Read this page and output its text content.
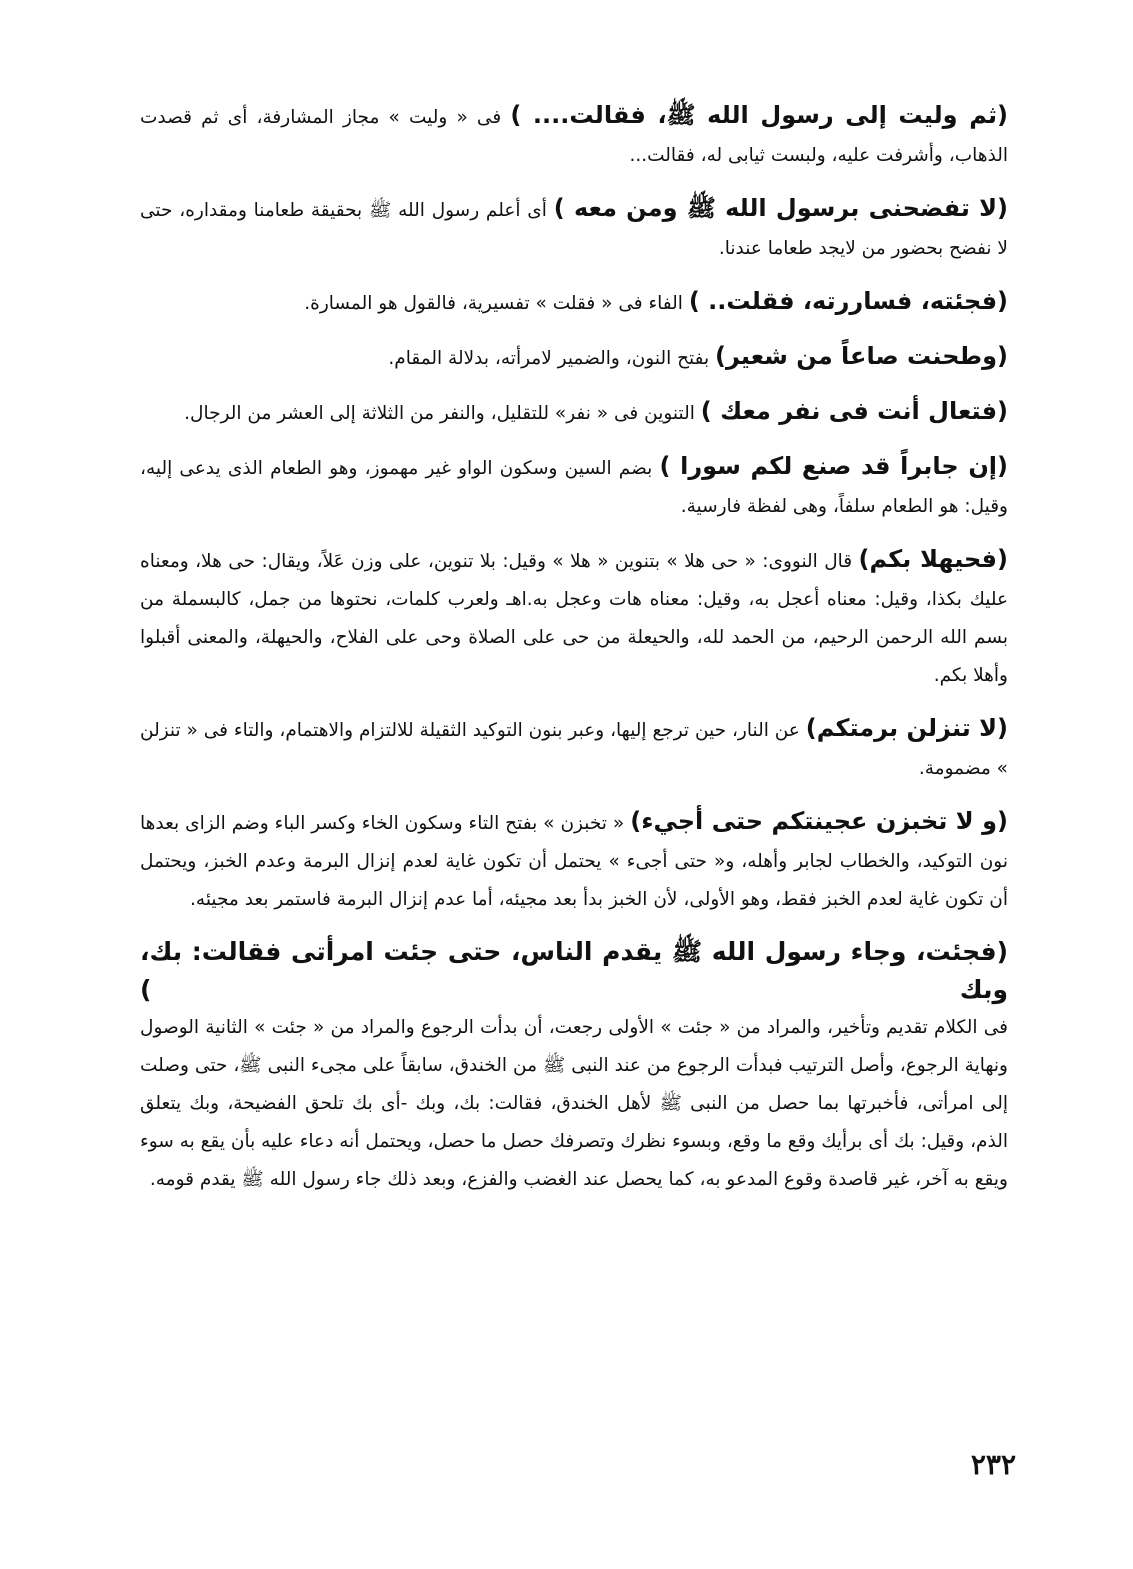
(ثم وليت إلى رسول الله ﷺ، فقالت.... ) فى « وليت » مجاز المشارفة، أى ثم قصدت الذهاب، وأشرفت عليه، ولبست ثيابى له، فقالت...

(لا تفضحنى برسول الله ﷺ ومن معه ) أى أعلم رسول الله ﷺ بحقيقة طعامنا ومقداره، حتى لا نفضح بحضور من لايجد طعاما عندنا.

(فجئته، فساررته، فقلت.. ) الفاء فى « فقلت » تفسيرية، فالقول هو المسارة.

(وطحنت صاعاً من شعير) بفتح النون، والضمير لامرأته، بدلالة المقام.

(فتعال أنت فى نفر معك ) التنوين فى « نفر» للتقليل، والنفر من الثلاثة إلى العشر من الرجال.

(إن جابراً قد صنع لكم سورا ) بضم السين وسكون الواو غير مهموز، وهو الطعام الذى يدعى إليه، وقيل: هو الطعام سلفاً، وهى لفظة فارسية.

(فحيهلا بكم) قال النووى: « حى هلا » بتنوين « هلا » وقيل: بلا تنوين، على وزن عَلاً، ويقال: حى هلا، ومعناه عليك بكذا، وقيل: معناه أعجل به، وقيل: معناه هات وعجل به.اهـ ولعرب كلمات، نحتوها من جمل، كالبسملة من بسم الله الرحمن الرحيم، من الحمد لله، والحيعلة من حى على الصلاة وحى على الفلاح، والحيهلة، والمعنى أقبلوا وأهلا بكم.

(لا تنزلن برمتكم) عن النار، حين ترجع إليها، وعبر بنون التوكيد الثقيلة للالتزام والاهتمام، والتاء فى « تنزلن » مضمومة.

(و لا تخبزن عجينتكم حتى أجيء) « تخبزن » بفتح التاء وسكون الخاء وكسر الباء وضم الزاى بعدها نون التوكيد، والخطاب لجابر وأهله، و« حتى أجىء » يحتمل أن تكون غاية لعدم إنزال البرمة وعدم الخبز، ويحتمل أن تكون غاية لعدم الخبز فقط، وهو الأولى، لأن الخبز بدأ بعد مجيئه، أما عدم إنزال البرمة فاستمر بعد مجيئه.

(فجئت، وجاء رسول الله ﷺ يقدم الناس، حتى جئت امرأتى فقالت: بك، وبك )
فى الكلام تقديم وتأخير، والمراد من « جئت » الأولى رجعت، أن بدأت الرجوع والمراد من « جئت » الثانية الوصول ونهاية الرجوع، وأصل الترتيب فبدأت الرجوع من عند النبى ﷺ من الخندق، سابقاً على مجىء النبى ﷺ، حتى وصلت إلى امرأتى، فأخبرتها بما حصل من النبى ﷺ لأهل الخندق، فقالت: بك، وبك -أى بك تلحق الفضيحة، وبك يتعلق الذم، وقيل: بك أى برأيك وقع ما وقع، وبسوء نظرك وتصرفك حصل ما حصل، ويحتمل أنه دعاء عليه بأن يقع به سوء ويقع به آخر، غير قاصدة وقوع المدعو به، كما يحصل عند الغضب والفزع، وبعد ذلك جاء رسول الله ﷺ يقدم قومه.

٢٣٢
